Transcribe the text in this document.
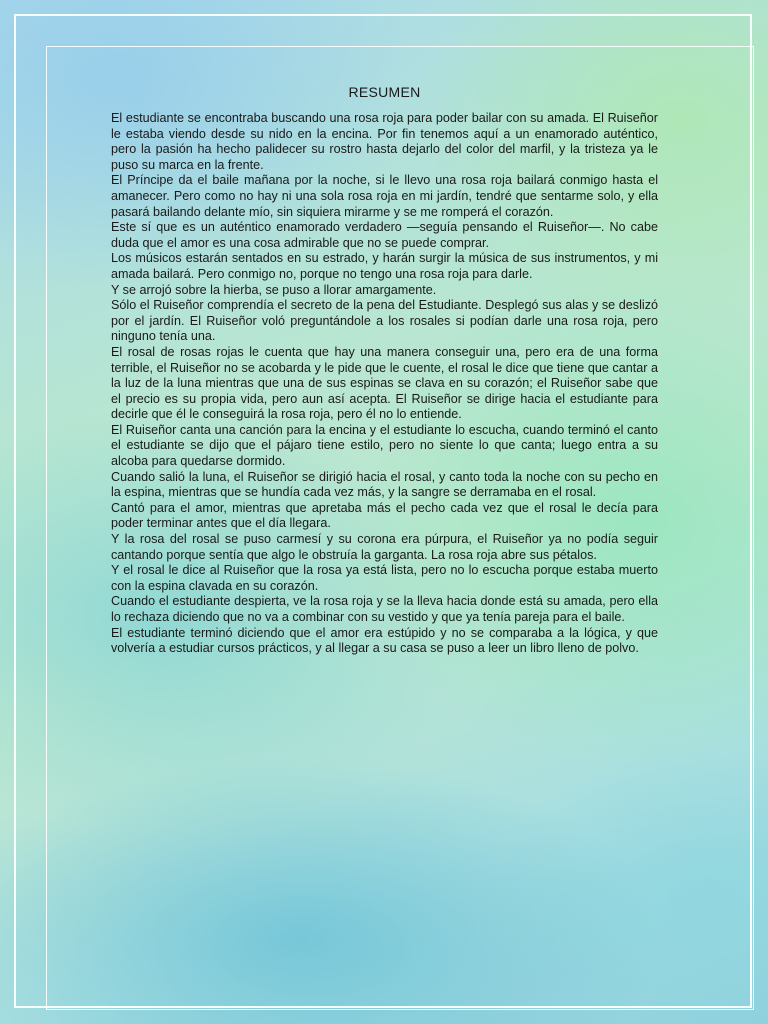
RESUMEN

El estudiante se encontraba buscando una rosa roja para poder bailar con su amada. El Ruiseñor le estaba viendo desde su nido en la encina. Por fin tenemos aquí a un enamorado auténtico, pero la pasión ha hecho palidecer su rostro hasta dejarlo del color del marfil, y la tristeza ya le puso su marca en la frente.

El Príncipe da el baile mañana por la noche, si le llevo una rosa roja bailará conmigo hasta el amanecer. Pero como no hay ni una sola rosa roja en mi jardín, tendré que sentarme solo, y ella pasará bailando delante mío, sin siquiera mirarme y se me romperá el corazón.

Este sí que es un auténtico enamorado verdadero —seguía pensando el Ruiseñor—. No cabe duda que el amor es una cosa admirable que no se puede comprar.

Los músicos estarán sentados en su estrado, y harán surgir la música de sus instrumentos, y mi amada bailará. Pero conmigo no, porque no tengo una rosa roja para darle.

Y se arrojó sobre la hierba, se puso a llorar amargamente.

Sólo el Ruiseñor comprendía el secreto de la pena del Estudiante. Desplegó sus alas y se deslizó por el jardín. El Ruiseñor voló preguntándole a los rosales si podían darle una rosa roja, pero ninguno tenía una.

El rosal de rosas rojas le cuenta que hay una manera conseguir una, pero era de una forma terrible, el Ruiseñor no se acobarda y le pide que le cuente, el rosal le dice que tiene que cantar a la luz de la luna mientras que una de sus espinas se clava en su corazón; el Ruiseñor sabe que el precio es su propia vida, pero aun así acepta. El Ruiseñor se dirige hacia el estudiante para decirle que él le conseguirá la rosa roja, pero él no lo entiende.

El Ruiseñor canta una canción para la encina y el estudiante lo escucha, cuando terminó el canto el estudiante se dijo que el pájaro tiene estilo, pero no siente lo que canta; luego entra a su alcoba para quedarse dormido.

Cuando salió la luna, el Ruiseñor se dirigió hacia el rosal, y canto toda la noche con su pecho en la espina, mientras que se hundía cada vez más, y la sangre se derramaba en el rosal.

Cantó para el amor, mientras que apretaba más el pecho cada vez que el rosal le decía para poder terminar antes que el día llegara.

Y la rosa del rosal se puso carmesí y su corona era púrpura, el Ruiseñor ya no podía seguir cantando porque sentía que algo le obstruía la garganta. La rosa roja abre sus pétalos.

Y el rosal le dice al Ruiseñor que la rosa ya está lista, pero no lo escucha porque estaba muerto con la espina clavada en su corazón.

Cuando el estudiante despierta, ve la rosa roja y se la lleva hacia donde está su amada, pero ella lo rechaza diciendo que no va a combinar con su vestido y que ya tenía pareja para el baile.

El estudiante terminó diciendo que el amor era estúpido y no se comparaba a la lógica, y que volvería a estudiar cursos prácticos, y al llegar a su casa se puso a leer un libro lleno de polvo.
